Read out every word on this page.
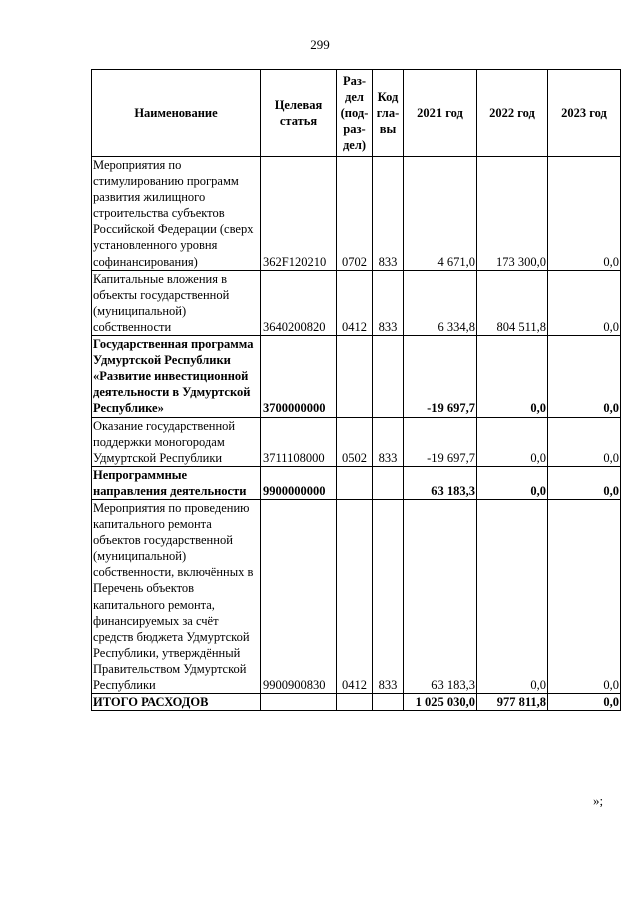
299
Наименование	Целевая статья	Раз-дел (под-раз-дел)	Код гла-вы	2021 год	2022 год	2023 год
Мероприятия по стимулированию программ развития жилищного строительства субъектов Российской Федерации (сверх установленного уровня софинансирования)	362F120210	0702	833	4 671,0	173 300,0	0,0
Капитальные вложения в объекты государственной (муниципальной) собственности	3640200820	0412	833	6 334,8	804 511,8	0,0
Государственная программа Удмуртской Республики «Развитие инвестиционной деятельности в Удмуртской Республике»	3700000000			-19 697,7	0,0	0,0
Оказание государственной поддержки моногородам Удмуртской Республики	3711108000	0502	833	-19 697,7	0,0	0,0
Непрограммные направления деятельности	9900000000			63 183,3	0,0	0,0
Мероприятия по проведению капитального ремонта объектов государственной (муниципальной) собственности, включённых в Перечень объектов капитального ремонта, финансируемых за счёт средств бюджета Удмуртской Республики, утверждённый Правительством Удмуртской Республики	9900900830	0412	833	63 183,3	0,0	0,0
ИТОГО РАСХОДОВ				1 025 030,0	977 811,8	0,0
»;
